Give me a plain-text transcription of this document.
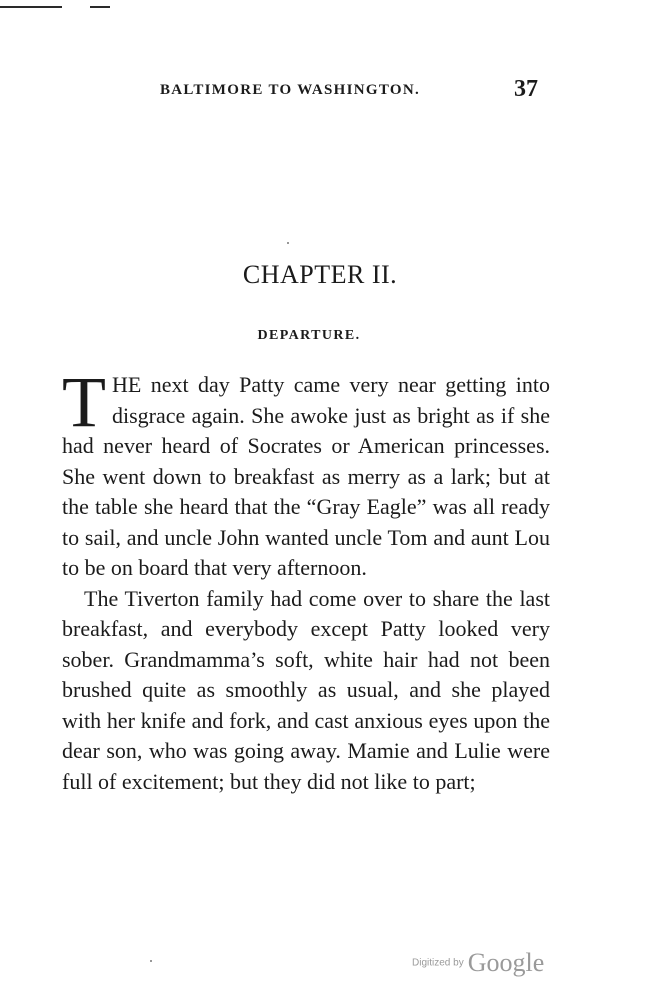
BALTIMORE TO WASHINGTON.	37
CHAPTER II.
DEPARTURE.

THE next day Patty came very near getting into disgrace again. She awoke just as bright as if she had never heard of Socrates or American princesses. She went down to breakfast as merry as a lark; but at the table she heard that the “Gray Eagle” was all ready to sail, and uncle John wanted uncle Tom and aunt Lou to be on board that very afternoon.

The Tiverton family had come over to share the last breakfast, and everybody except Patty looked very sober. Grandmamma’s soft, white hair had not been brushed quite as smoothly as usual, and she played with her knife and fork, and cast anxious eyes upon the dear son, who was going away. Mamie and Lulie were full of excitement; but they did not like to part;

Digitized by Google
